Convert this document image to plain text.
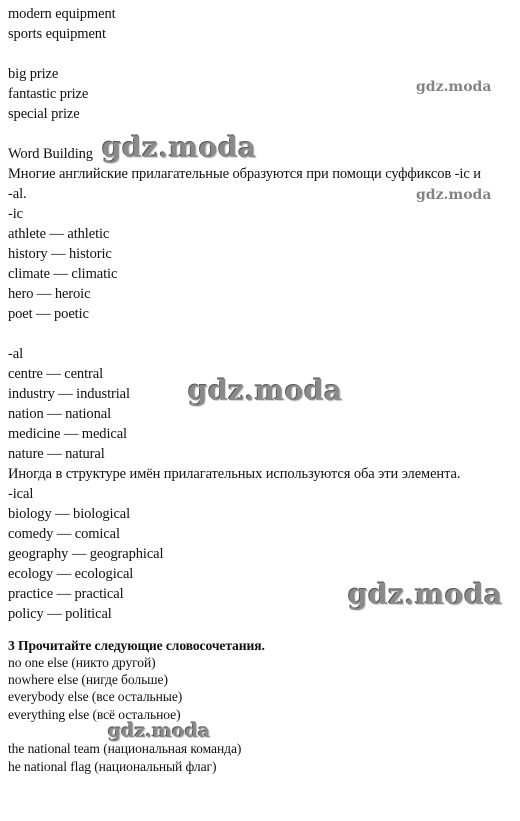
modern equipment
sports equipment
big prize
fantastic prize
special prize
Word Building
Многие английские прилагательные образуются при помощи суффиксов -ic и
-al.
-ic
athlete — athletic
history — historic
climate — climatic
hero — heroic
poet — poetic
-al
centre — central
industry — industrial
nation — national
medicine — medical
nature — natural
Иногда в структуре имён прилагательных используются оба эти элемента.
-ical
biology — biological
comedy — comical
geography — geographical
ecology — ecological
practice — practical
policy — political
3 Прочитайте следующие словосочетания.
no one else (никто другой)
nowhere else (нигде больше)
everybody else (все остальные)
everything else (всё остальное)
the national team (национальная команда)
he national flag (национальный флаг)
gdz.moda
gdz.moda
gdz.moda
gdz.moda
gdz.moda
gdz.moda
